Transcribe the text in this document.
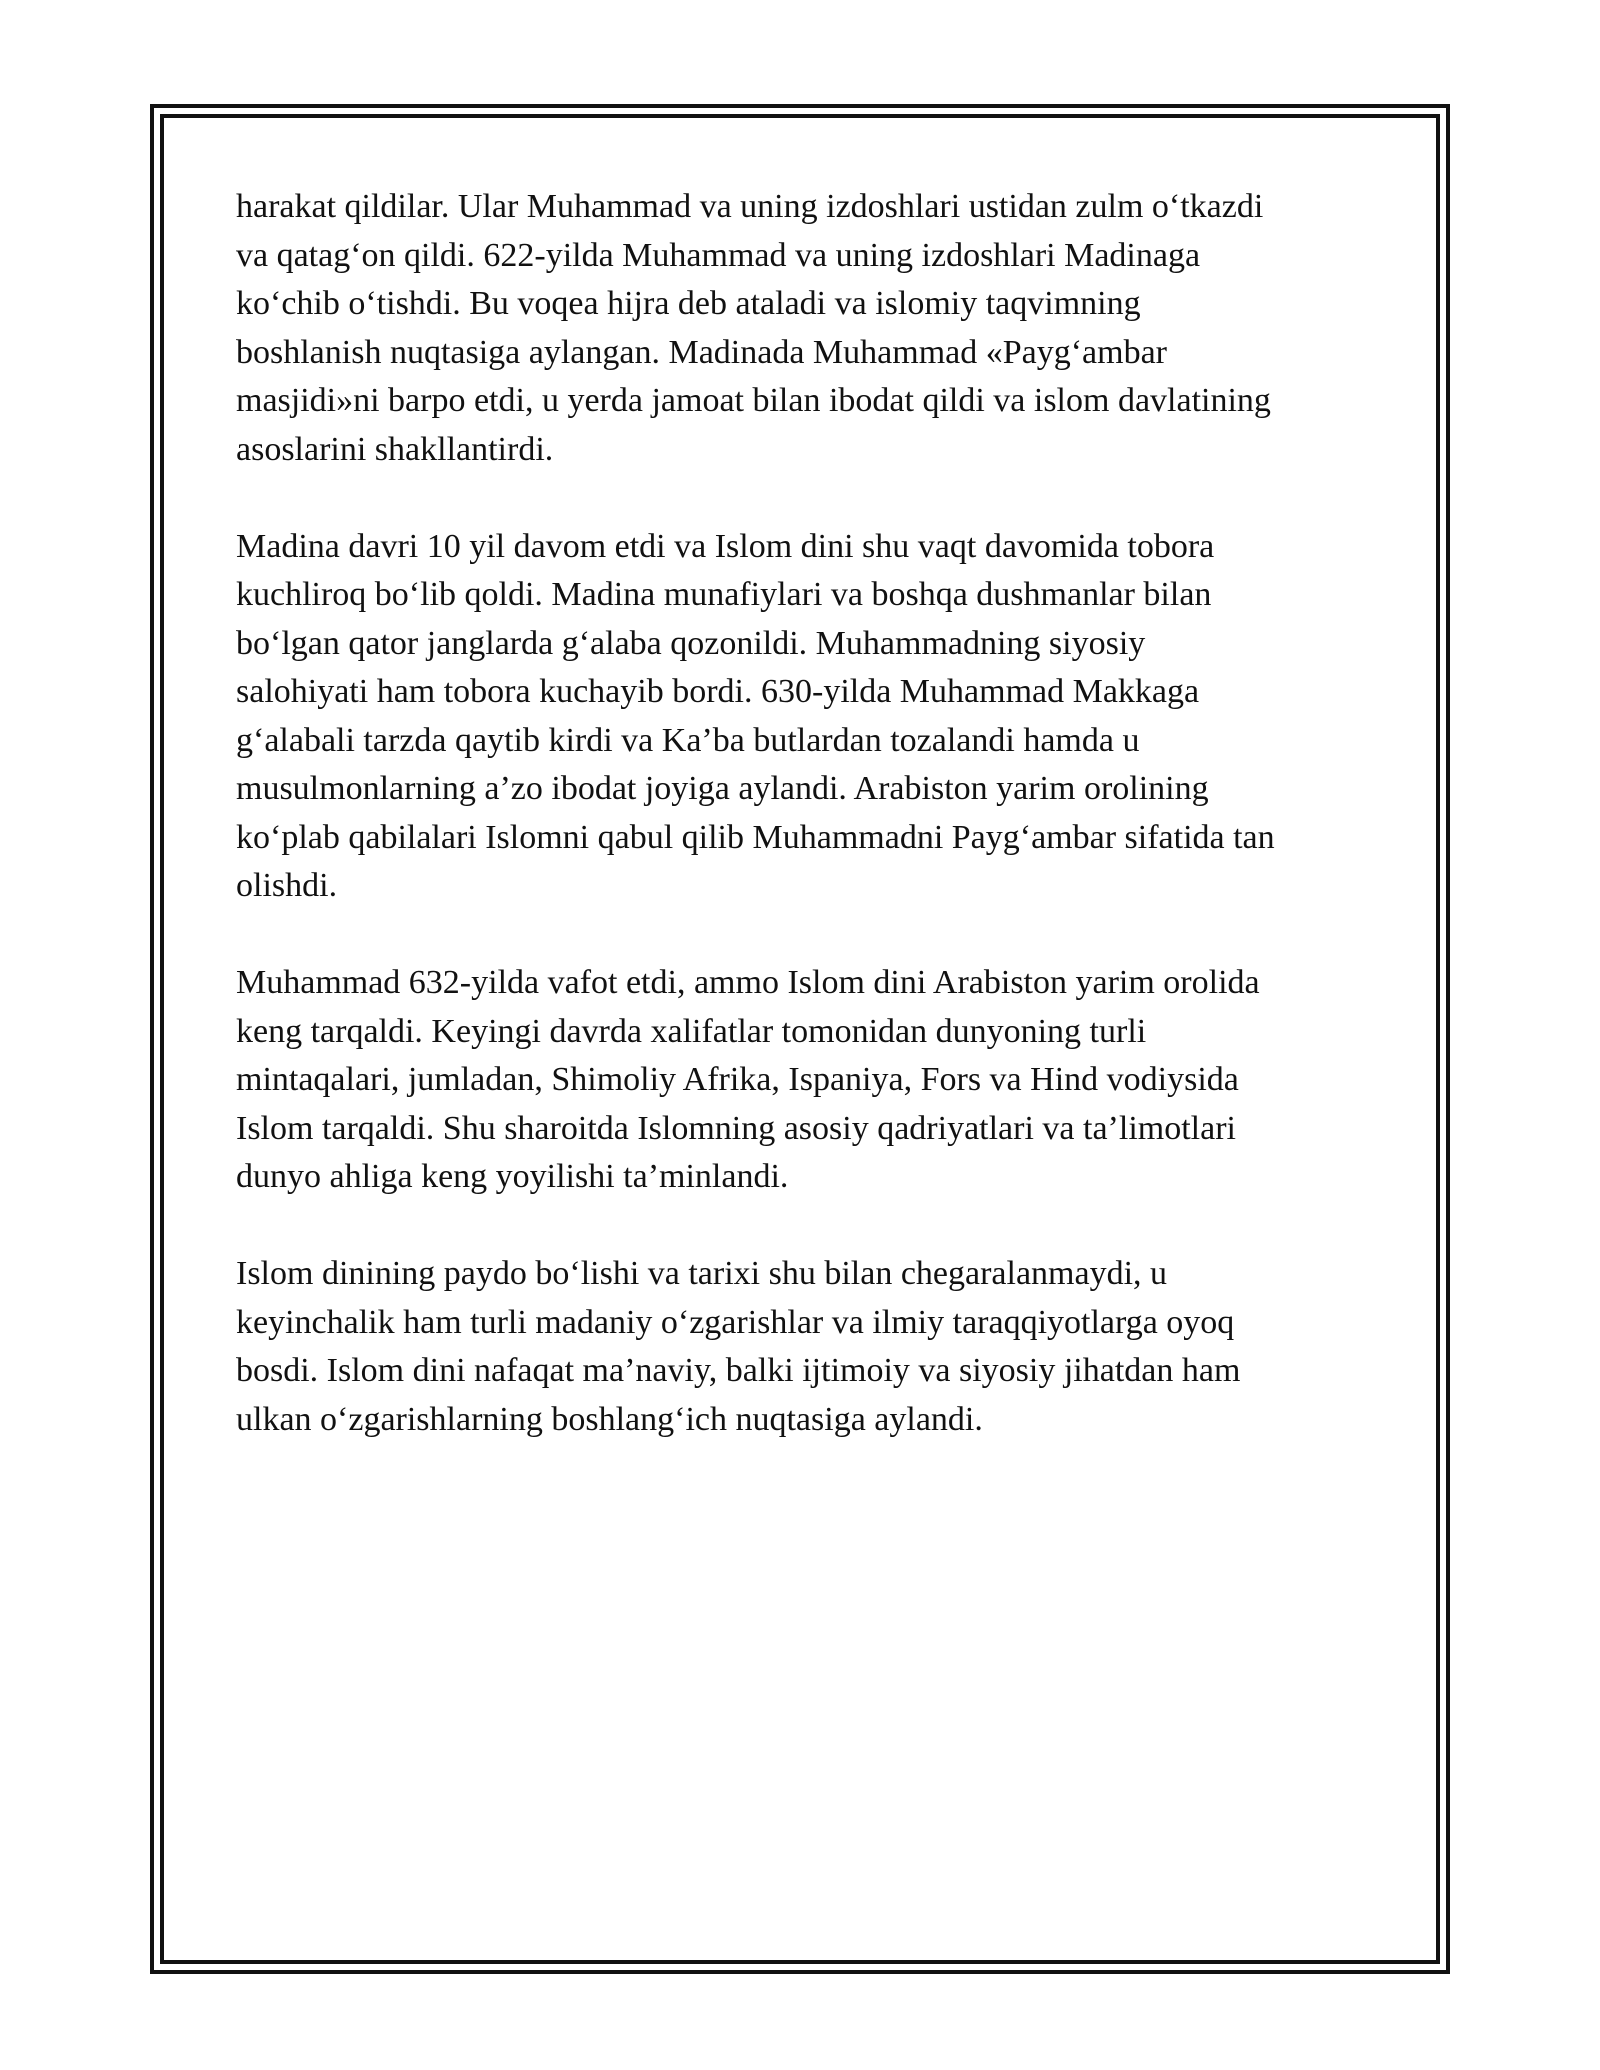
harakat qildilar. Ular Muhammad va uning izdoshlari ustidan zulm oʻtkazdi
va qatagʻon qildi. 622-yilda Muhammad va uning izdoshlari Madinaga
koʻchib oʻtishdi. Bu voqea hijra deb ataladi va islomiy taqvimning
boshlanish nuqtasiga aylangan. Madinada Muhammad «Paygʻambar
masjidi»ni barpo etdi, u yerda jamoat bilan ibodat qildi va islom davlatining
asoslarini shakllantirdi.

Madina davri 10 yil davom etdi va Islom dini shu vaqt davomida tobora
kuchliroq boʻlib qoldi. Madina munafiylari va boshqa dushmanlar bilan
boʻlgan qator janglarda gʻalaba qozonildi. Muhammadning siyosiy
salohiyati ham tobora kuchayib bordi. 630-yilda Muhammad Makkaga
gʻalabali tarzda qaytib kirdi va Ka’ba butlardan tozalandi hamda u
musulmonlarning a’zo ibodat joyiga aylandi. Arabiston yarim orolining
koʻplab qabilalari Islomni qabul qilib Muhammadni Paygʻambar sifatida tan
olishdi.

Muhammad 632-yilda vafot etdi, ammo Islom dini Arabiston yarim orolida
keng tarqaldi. Keyingi davrda xalifatlar tomonidan dunyoning turli
mintaqalari, jumladan, Shimoliy Afrika, Ispaniya, Fors va Hind vodiysida
Islom tarqaldi. Shu sharoitda Islomning asosiy qadriyatlari va ta’limotlari
dunyo ahliga keng yoyilishi ta’minlandi.

Islom dinining paydo boʻlishi va tarixi shu bilan chegaralanmaydi, u
keyinchalik ham turli madaniy oʻzgarishlar va ilmiy taraqqiyotlarga oyoq
bosdi. Islom dini nafaqat ma’naviy, balki ijtimoiy va siyosiy jihatdan ham
ulkan oʻzgarishlarning boshlangʻich nuqtasiga aylandi.
